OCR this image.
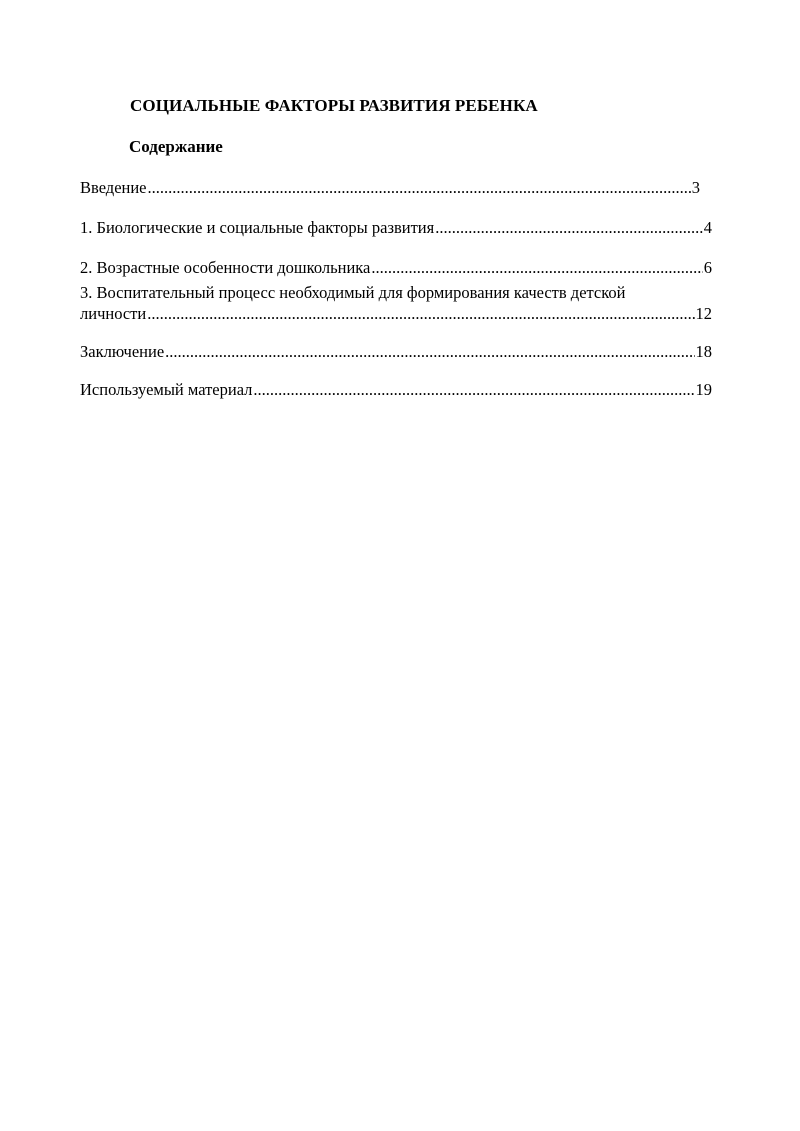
СОЦИАЛЬНЫЕ ФАКТОРЫ РАЗВИТИЯ РЕБЕНКА
Содержание
Введение .....	3
1. Биологические и социальные факторы развития .....	4
2. Возрастные особенности дошкольника .....	6
3. Воспитательный процесс необходимый для формирования качеств детской
личности .....	12
Заключение .....	18
Используемый материал .....	19
